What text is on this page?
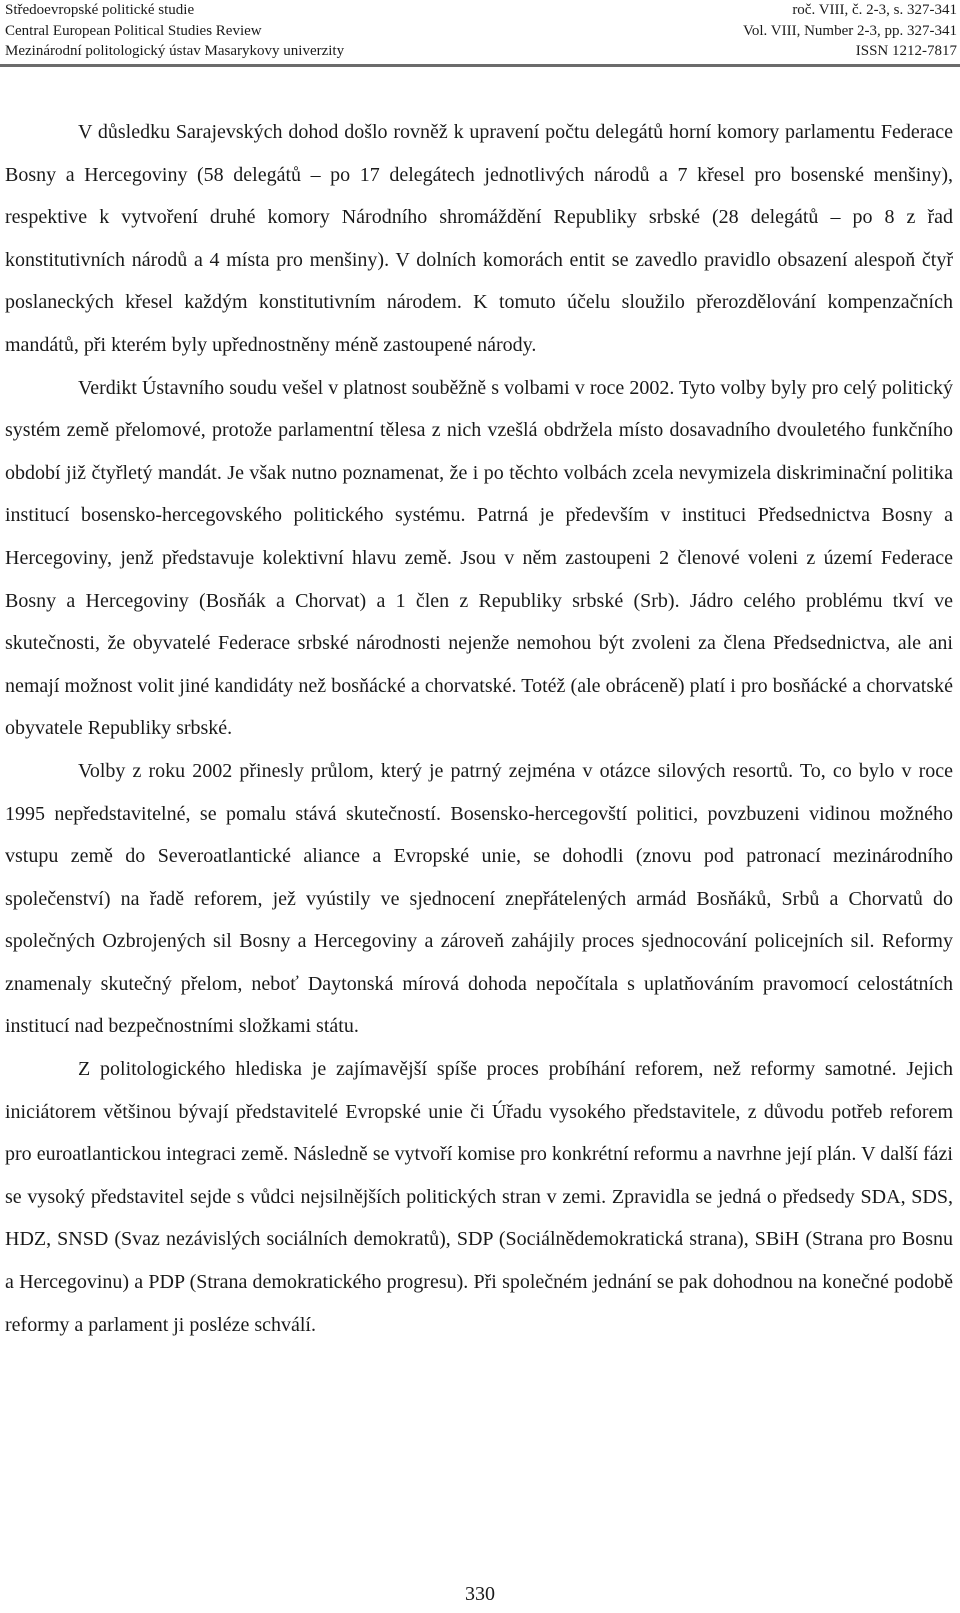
Středoevropské politické studie	roč. VIII, č. 2-3, s. 327-341
Central European Political Studies Review	Vol. VIII, Number 2-3, pp. 327-341
Mezinárodní politologický ústav Masarykovy univerzity	ISSN 1212-7817

V důsledku Sarajevských dohod došlo rovněž k upravení počtu delegátů horní komory parlamentu Federace Bosny a Hercegoviny (58 delegátů – po 17 delegátech jednotlivých národů a 7 křesel pro bosenské menšiny), respektive k vytvoření druhé komory Národního shromáždění Republiky srbské (28 delegátů – po 8 z řad konstitutivních národů a 4 místa pro menšiny). V dolních komorách entit se zavedlo pravidlo obsazení alespoň čtyř poslaneckých křesel každým konstitutivním národem. K tomuto účelu sloužilo přerozdělování kompenzačních mandátů, při kterém byly upřednostněny méně zastoupené národy.

Verdikt Ústavního soudu vešel v platnost souběžně s volbami v roce 2002. Tyto volby byly pro celý politický systém země přelomové, protože parlamentní tělesa z nich vzešlá obdržela místo dosavadního dvouletého funkčního období již čtyřletý mandát. Je však nutno poznamenat, že i po těchto volbách zcela nevymizela diskriminační politika institucí bosensko-hercegovského politického systému. Patrná je především v instituci Předsednictva Bosny a Hercegoviny, jenž představuje kolektivní hlavu země. Jsou v něm zastoupeni 2 členové voleni z území Federace Bosny a Hercegoviny (Bosňák a Chorvat) a 1 člen z Republiky srbské (Srb). Jádro celého problému tkví ve skutečnosti, že obyvatelé Federace srbské národnosti nejenže nemohou být zvoleni za člena Předsednictva, ale ani nemají možnost volit jiné kandidáty než bosňácké a chorvatské. Totéž (ale obráceně) platí i pro bosňácké a chorvatské obyvatele Republiky srbské.

Volby z roku 2002 přinesly průlom, který je patrný zejména v otázce silových resortů. To, co bylo v roce 1995 nepředstavitelné, se pomalu stává skutečností. Bosensko-hercegovští politici, povzbuzeni vidinou možného vstupu země do Severoatlantické aliance a Evropské unie, se dohodli (znovu pod patronací mezinárodního společenství) na řadě reforem, jež vyústily ve sjednocení znepřátelených armád Bosňáků, Srbů a Chorvatů do společných Ozbrojených sil Bosny a Hercegoviny a zároveň zahájily proces sjednocování policejních sil. Reformy znamenaly skutečný přelom, neboť Daytonská mírová dohoda nepočítala s uplatňováním pravomocí celostátních institucí nad bezpečnostními složkami státu.

Z politologického hlediska je zajímavější spíše proces probíhání reforem, než reformy samotné. Jejich iniciátorem většinou bývají představitelé Evropské unie či Úřadu vysokého představitele, z důvodu potřeb reforem pro euroatlantickou integraci země. Následně se vytvoří komise pro konkrétní reformu a navrhne její plán. V další fázi se vysoký představitel sejde s vůdci nejsilnějších politických stran v zemi. Zpravidla se jedná o předsedy SDA, SDS, HDZ, SNSD (Svaz nezávislých sociálních demokratů), SDP (Sociálnědemokratická strana), SBiH (Strana pro Bosnu a Hercegovinu) a PDP (Strana demokratického progresu). Při společném jednání se pak dohodnou na konečné podobě reformy a parlament ji posléze schválí.

330
